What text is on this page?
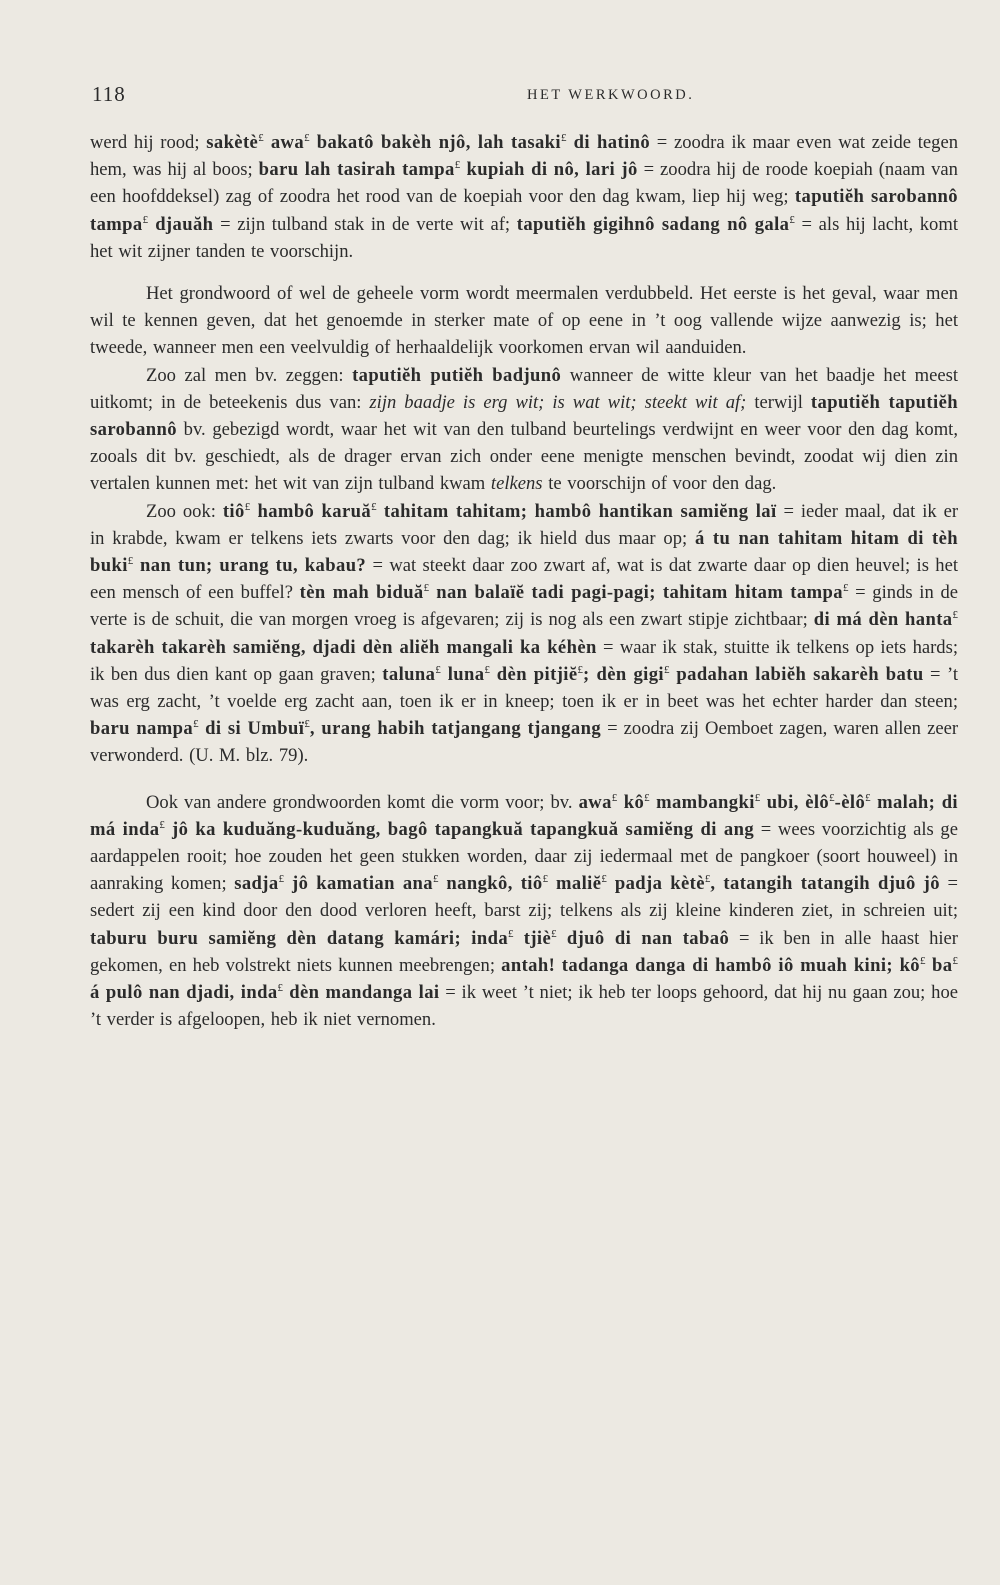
118	HET WERKWOORD.

werd hij rood; sakètè£ awa£ bakatô bakèh njô, lah tasaki£ di hatinô = zoodra ik maar even wat zeide tegen hem, was hij al boos; baru lah tasirah tampa£ kupiah di nô, lari jô = zoodra hij de roode koepiah (naam van een hoofddeksel) zag of zoodra het rood van de koepiah voor den dag kwam, liep hij weg; taputiĕh sarobannô tampa£ djauăh = zijn tulband stak in de verte wit af; taputiĕh gigihnô sadang nô gala£ = als hij lacht, komt het wit zijner tanden te voorschijn.

Het grondwoord of wel de geheele vorm wordt meermalen verdubbeld. Het eerste is het geval, waar men wil te kennen geven, dat het genoemde in sterker mate of op eene in ’t oog vallende wijze aanwezig is; het tweede, wanneer men een veelvuldig of herhaaldelijk voorkomen ervan wil aanduiden.

Zoo zal men bv. zeggen: taputiĕh putiĕh badjunô wanneer de witte kleur van het baadje het meest uitkomt; in de beteekenis dus van: zijn baadje is erg wit; is wat wit; steekt wit af; terwijl taputiĕh taputiĕh sarobannô bv. gebezigd wordt, waar het wit van den tulband beurtelings verdwijnt en weer voor den dag komt, zooals dit bv. geschiedt, als de drager ervan zich onder eene menigte menschen bevindt, zoodat wij dien zin vertalen kunnen met: het wit van zijn tulband kwam telkens te voorschijn of voor den dag.

Zoo ook: tiô£ hambô karuă£ tahitam tahitam; hambô hantikan samiĕng laï = ieder maal, dat ik er in krabde, kwam er telkens iets zwarts voor den dag; ik hield dus maar op; á tu nan tahitam hitam di tèh buki£ nan tun; urang tu, kabau? = wat steekt daar zoo zwart af, wat is dat zwarte daar op dien heuvel; is het een mensch of een buffel? tèn mah biduă£ nan balaïĕ tadi pagi-pagi; tahitam hitam tampa£ = ginds in de verte is de schuit, die van morgen vroeg is afgevaren; zij is nog als een zwart stipje zichtbaar; di má dèn hanta£ takarèh takarèh samiĕng, djadi dèn aliĕh mangali ka kéhèn = waar ik stak, stuitte ik telkens op iets hards; ik ben dus dien kant op gaan graven; taluna£ luna£ dèn pitjiĕ£; dèn gigi£ padahan labiĕh sakarèh batu = ’t was erg zacht, ’t voelde erg zacht aan, toen ik er in kneep; toen ik er in beet was het echter harder dan steen; baru nampa£ di si Umbuï£, urang habih tatjangang tjangang = zoodra zij Oemboet zagen, waren allen zeer verwonderd. (U. M. blz. 79).

Ook van andere grondwoorden komt die vorm voor; bv. awa£ kô£ mambangki£ ubi, èlô£-èlô£ malah; di má inda£ jô ka kuduăng-kuduăng, bagô tapangkuă tapangkuă samiĕng di ang = wees voorzichtig als ge aardappelen rooit; hoe zouden het geen stukken worden, daar zij iedermaal met de pangkoer (soort houweel) in aanraking komen; sadja£ jô kamatian ana£ nangkô, tiô£ maliĕ£ padja kètè£, tatangih tatangih djuô jô = sedert zij een kind door den dood verloren heeft, barst zij; telkens als zij kleine kinderen ziet, in schreien uit; taburu buru samiĕng dèn datang kamári; inda£ tjiè£ djuô di nan tabaô = ik ben in alle haast hier gekomen, en heb volstrekt niets kunnen meebrengen; antah! tadanga danga di hambô iô muah kini; kô£ ba£ á pulô nan djadi, inda£ dèn mandanga lai = ik weet ’t niet; ik heb ter loops gehoord, dat hij nu gaan zou; hoe ’t verder is afgeloopen, heb ik niet vernomen.
